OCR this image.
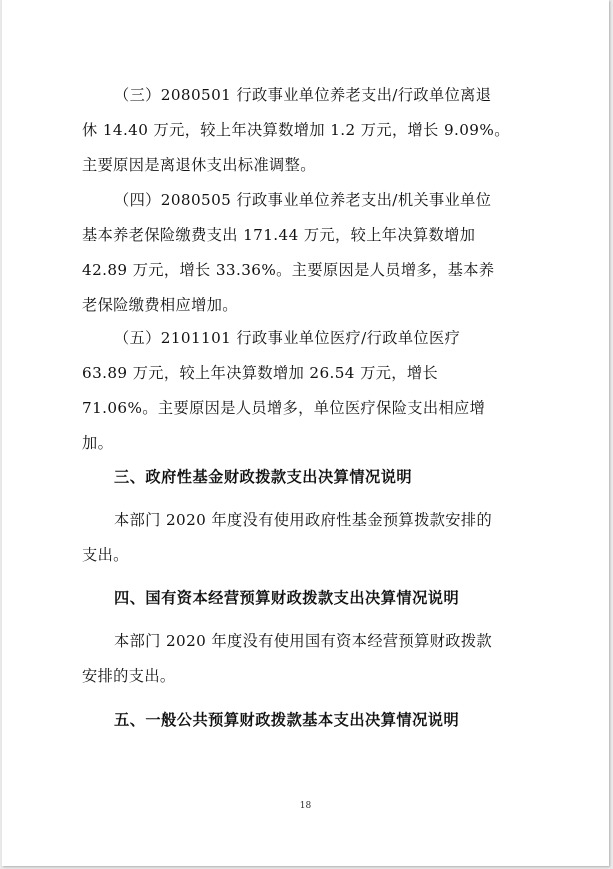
（三）2080501 行政事业单位养老支出/行政单位离退
休 14.40 万元，较上年决算数增加 1.2 万元，增长 9.09%。
主要原因是离退休支出标准调整。

（四）2080505 行政事业单位养老支出/机关事业单位
基本养老保险缴费支出 171.44 万元，较上年决算数增加
42.89 万元，增长 33.36%。主要原因是人员增多，基本养
老保险缴费相应增加。

（五）2101101 行政事业单位医疗/行政单位医疗
63.89 万元，较上年决算数增加 26.54 万元，增长
71.06%。主要原因是人员增多，单位医疗保险支出相应增
加。

三、政府性基金财政拨款支出决算情况说明

本部门 2020 年度没有使用政府性基金预算拨款安排的
支出。

四、国有资本经营预算财政拨款支出决算情况说明

本部门 2020 年度没有使用国有资本经营预算财政拨款
安排的支出。

五、一般公共预算财政拨款基本支出决算情况说明
18
